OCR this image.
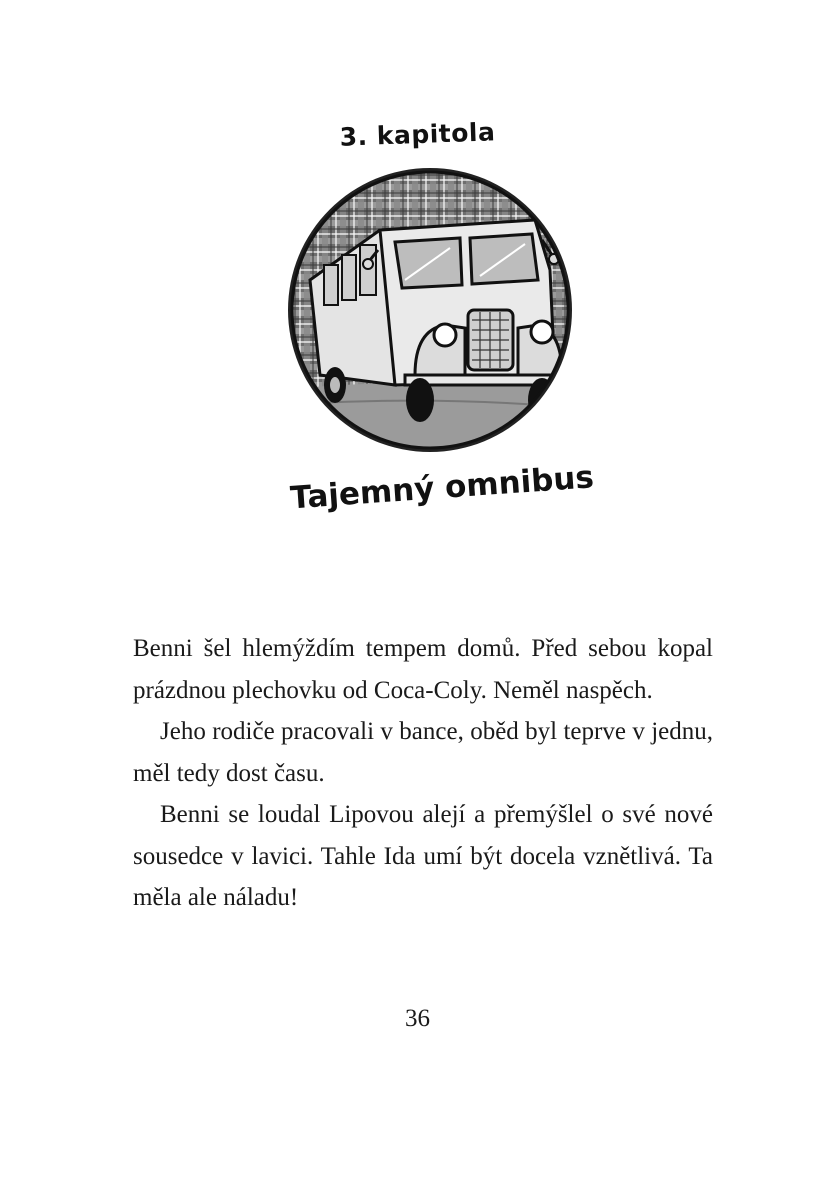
3. kapitola
Tajemný omnibus

Benni šel hlemýždím tempem domů. Před sebou kopal prázdnou plechovku od Coca-Coly. Neměl naspěch.

Jeho rodiče pracovali v bance, oběd byl teprve v jednu, měl tedy dost času.

Benni se loudal Lipovou alejí a přemýšlel o své nové sousedce v lavici. Tahle Ida umí být docela vznětlivá. Ta měla ale náladu!

36
